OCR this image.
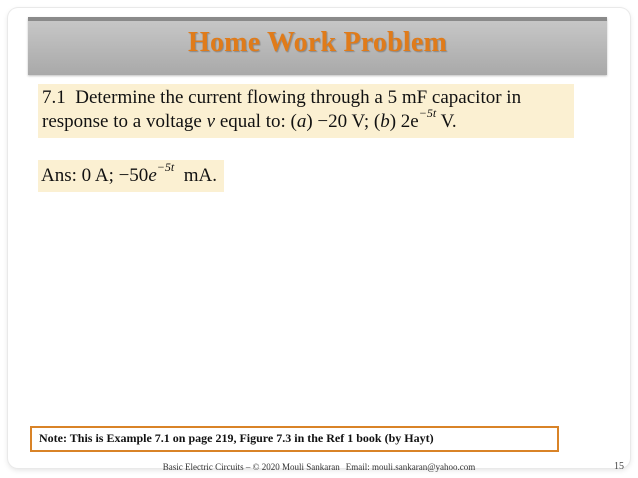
Home Work Problem
7.1 Determine the current flowing through a 5 mF capacitor in
response to a voltage v equal to: (a) −20 V; (b) $2e^{-5t}$ V.
Ans: 0 A; $-50e^{-5t}$  mA.
Note: This is Example 7.1 on page 219, Figure 7.3 in the Ref 1 book (by Hayt)
Basic Electric Circuits – © 2020 Mouli Sankaran Email: mouli.sankaran@yahoo.com	15
